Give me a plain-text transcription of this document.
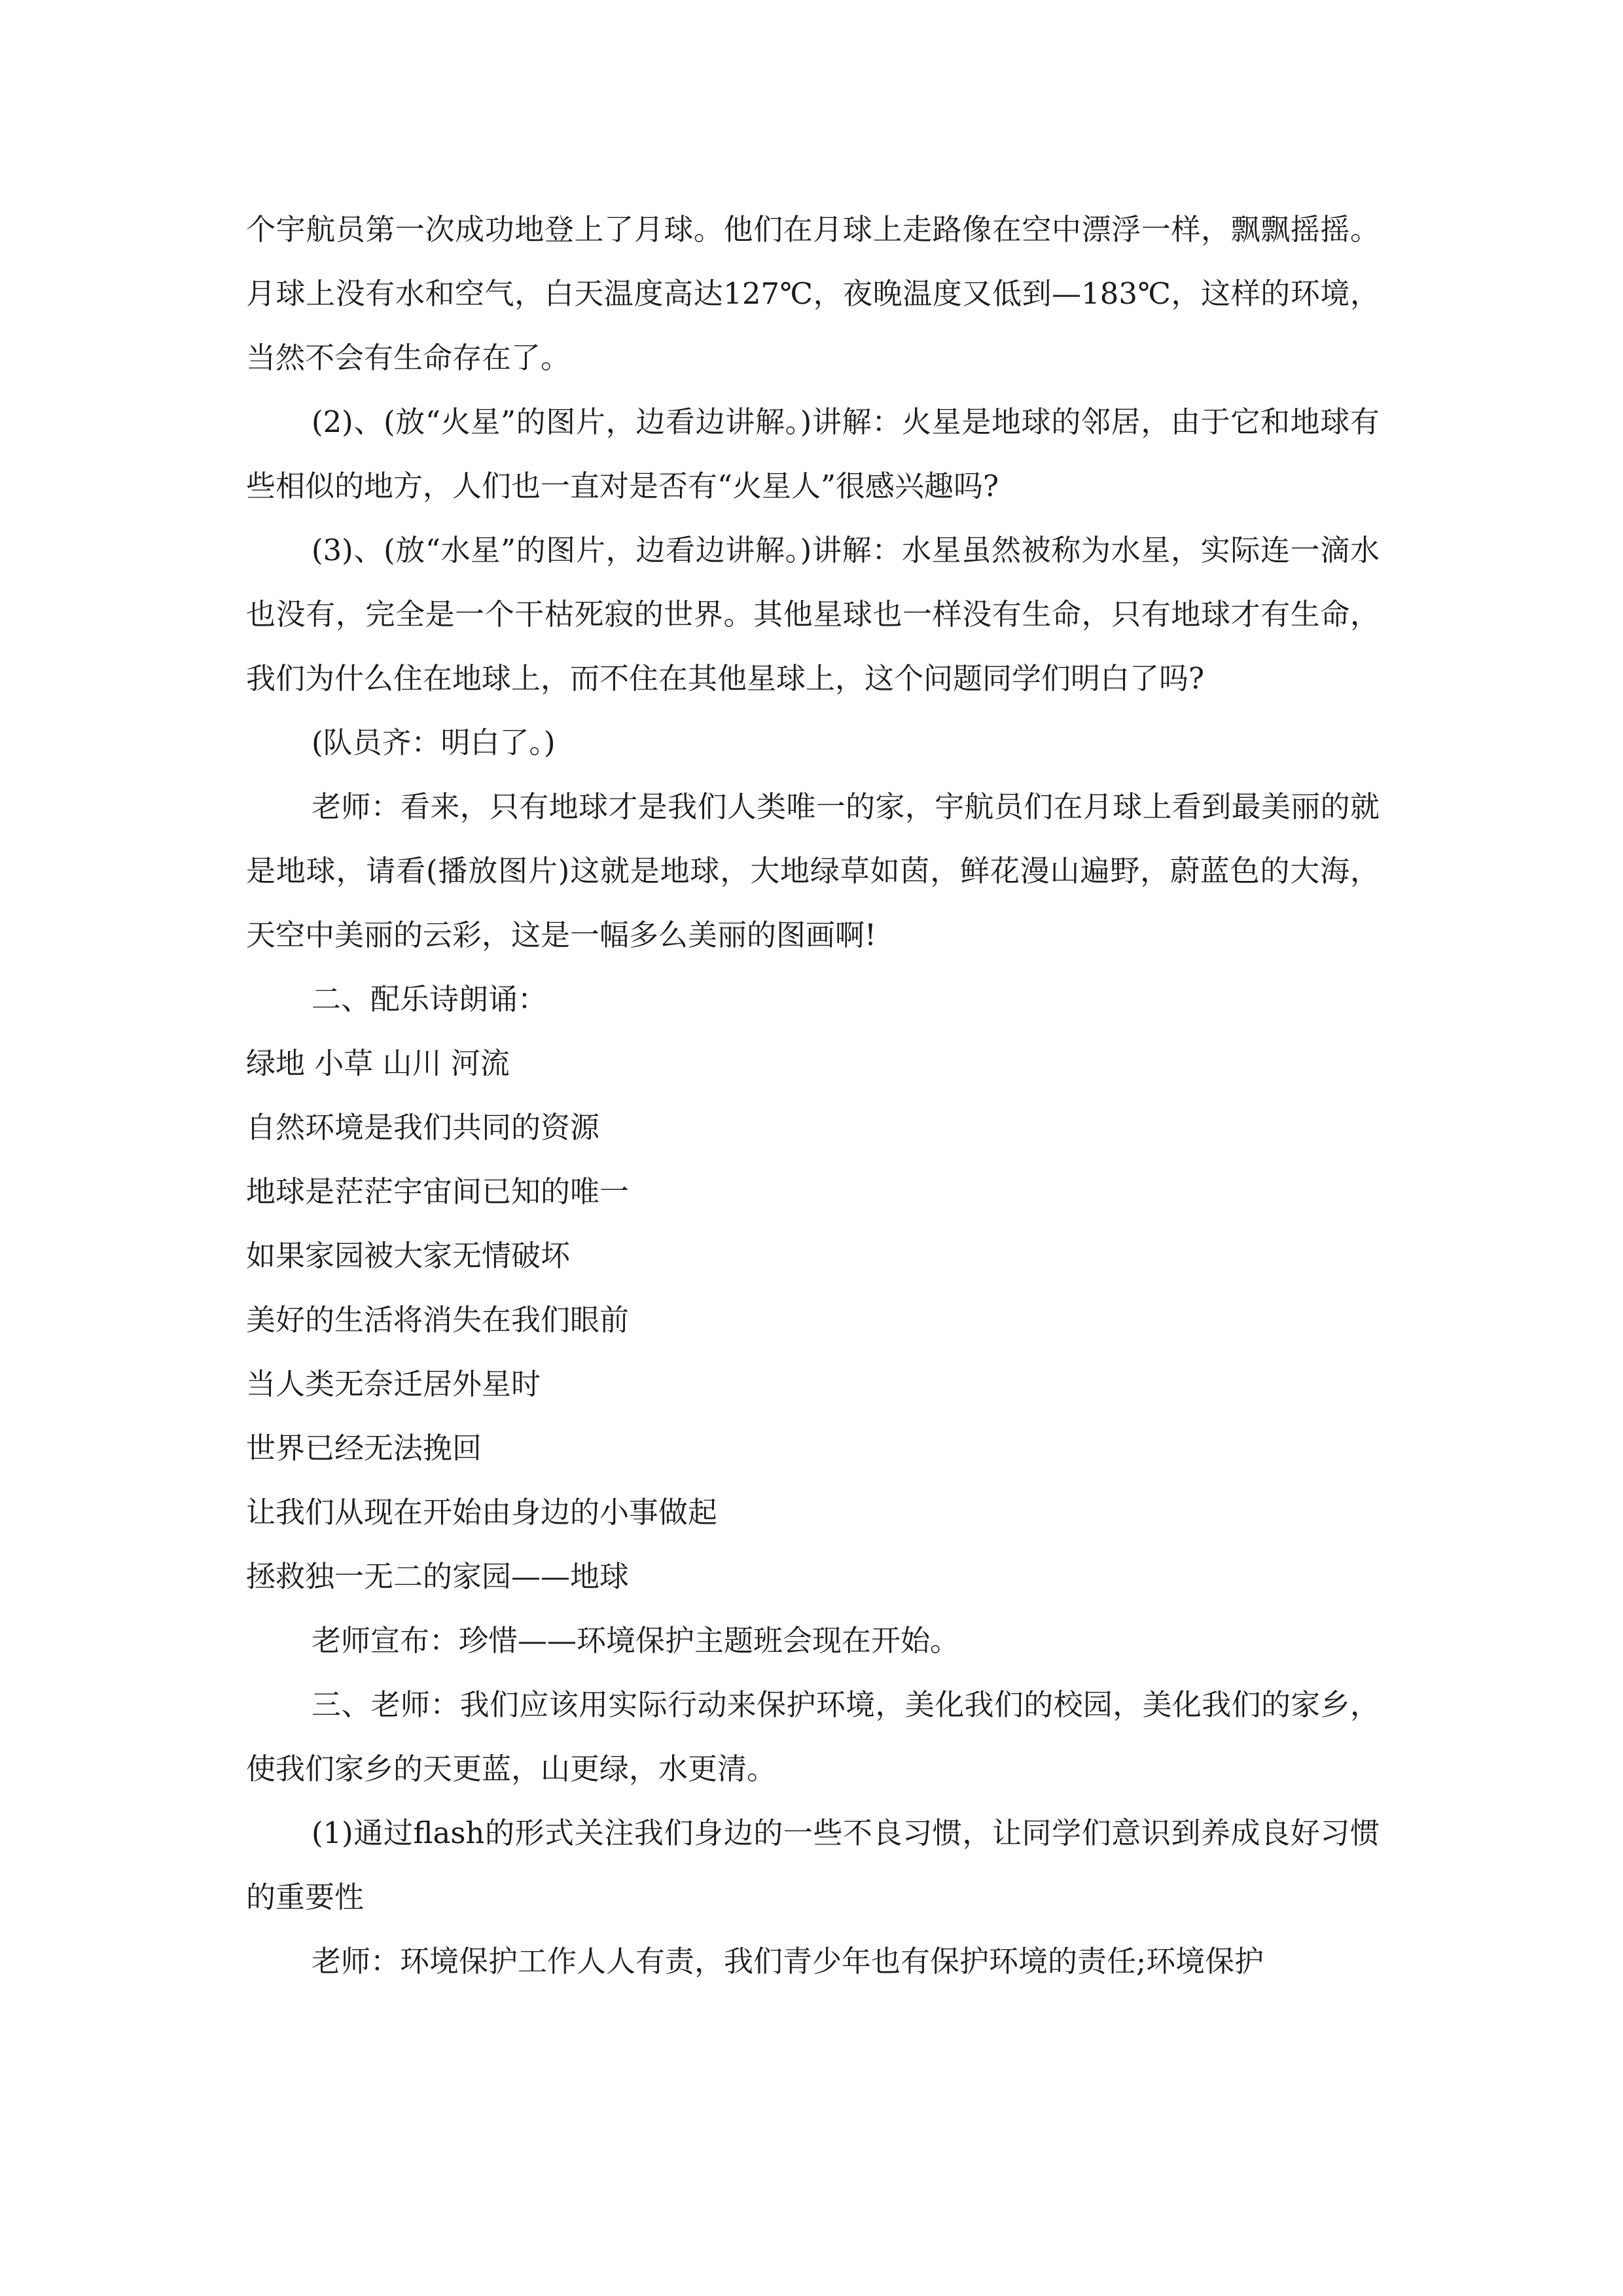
个宇航员第一次成功地登上了月球。他们在月球上走路像在空中漂浮一样，飘飘摇摇。月球上没有水和空气，白天温度高达127℃，夜晚温度又低到—183℃，这样的环境，当然不会有生命存在了。

(2)、(放“火星”的图片，边看边讲解。)讲解：火星是地球的邻居，由于它和地球有些相似的地方，人们也一直对是否有“火星人”很感兴趣吗?

(3)、(放“水星”的图片，边看边讲解。)讲解：水星虽然被称为水星，实际连一滴水也没有，完全是一个干枯死寂的世界。其他星球也一样没有生命，只有地球才有生命，我们为什么住在地球上，而不住在其他星球上，这个问题同学们明白了吗?

(队员齐：明白了。)

老师：看来，只有地球才是我们人类唯一的家，宇航员们在月球上看到最美丽的就是地球，请看(播放图片)这就是地球，大地绿草如茵，鲜花漫山遍野，蔚蓝色的大海，天空中美丽的云彩，这是一幅多么美丽的图画啊!

二、配乐诗朗诵：

绿地 小草 山川 河流

自然环境是我们共同的资源

地球是茫茫宇宙间已知的唯一

如果家园被大家无情破坏

美好的生活将消失在我们眼前

当人类无奈迁居外星时

世界已经无法挽回

让我们从现在开始由身边的小事做起

拯救独一无二的家园——地球

老师宣布：珍惜——环境保护主题班会现在开始。

三、老师：我们应该用实际行动来保护环境，美化我们的校园，美化我们的家乡，使我们家乡的天更蓝，山更绿，水更清。

(1)通过flash的形式关注我们身边的一些不良习惯，让同学们意识到养成良好习惯的重要性

老师：环境保护工作人人有责，我们青少年也有保护环境的责任;环境保护
